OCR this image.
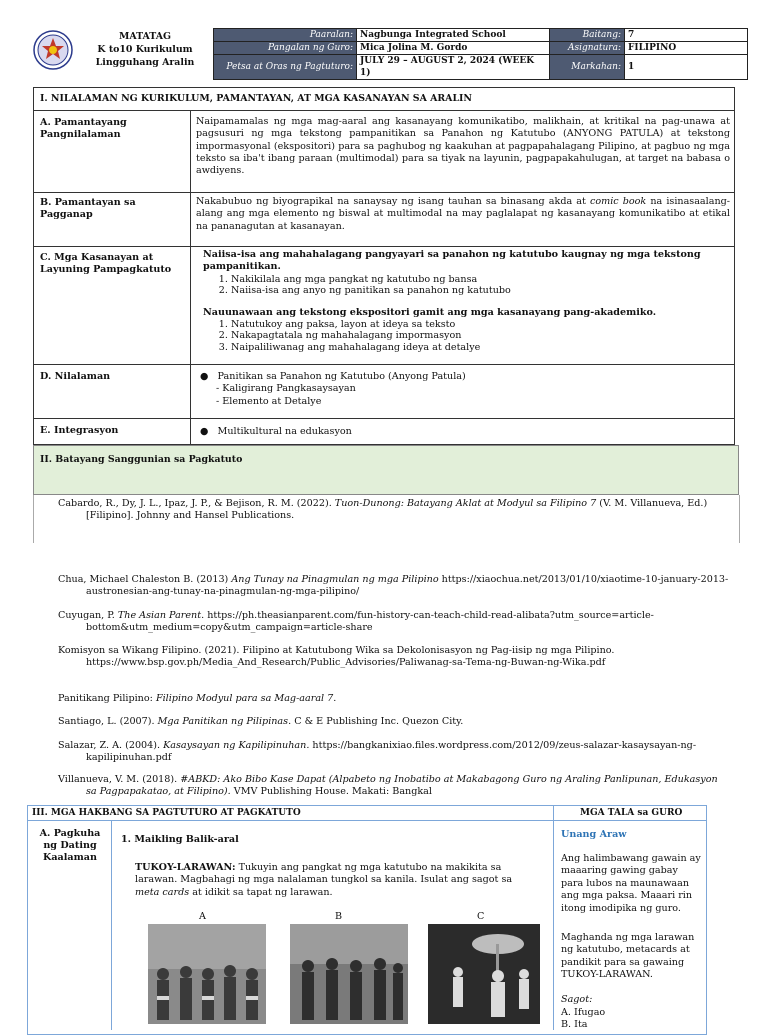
MATATAG
K to10 Kurikulum
Lingguhang Aralin
Paaralan:	Nagbunga Integrated School	Baitang:	7
Pangalan ng Guro:	Mica Jolina M. Gordo	Asignatura:	FILIPINO
Petsa at Oras ng Pagtuturo:	JULY 29 – AUGUST 2, 2024 (WEEK 1)	Markahan:	1
I. NILALAMAN NG KURIKULUM, PAMANTAYAN, AT MGA KASANAYAN SA ARALIN
A. Pamantayang Pangnilalaman
Naipamamalas ng mga mag-aaral ang kasanayang komunikatibo, malikhain, at kritikal na pag-unawa at pagsusuri ng mga tekstong pampanitikan sa Panahon ng Katutubo (ANYONG PATULA) at tekstong impormasyonal (ekspositori) para sa paghubog ng kaakuhan at pagpapahalagang Pilipino, at pagbuo ng mga teksto sa iba't ibang paraan (multimodal) para sa tiyak na layunin, pagpapakahulugan, at target na babasa o awdiyens.
B. Pamantayan sa Pagganap
Nakabubuo ng biyograpikal na sanaysay ng isang tauhan sa binasang akda at comic book na isinasaalang-alang ang mga elemento ng biswal at multimodal na may paglalapat ng kasanayang komunikatibo at etikal na pananagutan at kasanayan.
C. Mga Kasanayan at Layuning Pampagkatuto
Naiisa-isa ang mahahalagang pangyayari sa panahon ng katutubo kaugnay ng mga tekstong pampanitikan.
1. Nakikilala ang mga pangkat ng katutubo ng bansa
2. Naiisa-isa ang anyo ng panitikan sa panahon ng katutubo
Nauunawaan ang tekstong ekspositori gamit ang mga kasanayang pang-akademiko.
1. Natutukoy ang paksa, layon at ideya sa teksto
2. Nakapagtatala ng mahahalagang impormasyon
3. Naipaliliwanag ang mahahalagang ideya at detalye
D. Nilalaman	● Panitikan sa Panahon ng Katutubo (Anyong Patula)
- Kaligirang Pangkasaysayan
- Elemento at Detalye
E. Integrasyon	● Multikultural na edukasyon
II. Batayang Sanggunian sa Pagkatuto

Cabardo, R., Dy, J. L., Ipaz, J. P., & Bejison, R. M. (2022). Tuon-Dunong: Batayang Aklat at Modyul sa Filipino 7 (V. M. Villanueva, Ed.) [Filipino]. Johnny and Hansel Publications.

Chua, Michael Chaleston B. (2013) Ang Tunay na Pinagmulan ng mga Pilipino https://xiaochua.net/2013/01/10/xiaotime-10-january-2013-austronesian-ang-tunay-na-pinagmulan-ng-mga-pilipino/

Cuyugan, P. The Asian Parent. https://ph.theasianparent.com/fun-history-can-teach-child-read-alibata?utm_source=article-bottom&utm_medium=copy&utm_campaign=article-share

Komisyon sa Wikang Filipino. (2021). Filipino at Katutubong Wika sa Dekolonisasyon ng Pag-iisip ng mga Pilipino. https://www.bsp.gov.ph/Media_And_Research/Public_Advisories/Paliwanag-sa-Tema-ng-Buwan-ng-Wika.pdf

Panitikang Pilipino: Filipino Modyul para sa Mag-aaral 7.

Santiago, L. (2007). Mga Panitikan ng Pilipinas. C & E Publishing Inc. Quezon City.

Salazar, Z. A. (2004). Kasaysayan ng Kapilipinuhan. https://bangkanixiao.files.wordpress.com/2012/09/zeus-salazar-kasaysayan-ng-kapilipinuhan.pdf

Villanueva, V. M. (2018). #ABKD: Ako Bibo Kase Dapat (Alpabeto ng Inobatibo at Makabagong Guro ng Araling Panlipunan, Edukasyon sa Pagpapakatao, at Filipino). VMV Publishing House. Makati: Bangkal

III. MGA HAKBANG SA PAGTUTURO AT PAGKATUTO	MGA TALA sa GURO
A. Pagkuha ng Dating Kaalaman
1. Maikling Balik-aral
TUKOY-LARAWAN: Tukuyin ang pangkat ng mga katutubo na makikita sa larawan. Magbahagi ng mga nalalaman tungkol sa kanila. Isulat ang sagot sa meta cards at idikit sa tapat ng larawan.
A	B	C
Unang Araw
Ang halimbawang gawain ay maaaring gawing gabay para lubos na maunawaan ang mga paksa. Maaari rin itong imodipika ng guro.
Maghanda ng mga larawan ng katutubo, metacards at pandikit para sa gawaing TUKOY-LARAWAN.
Sagot:
A. Ifugao
B. Ita
